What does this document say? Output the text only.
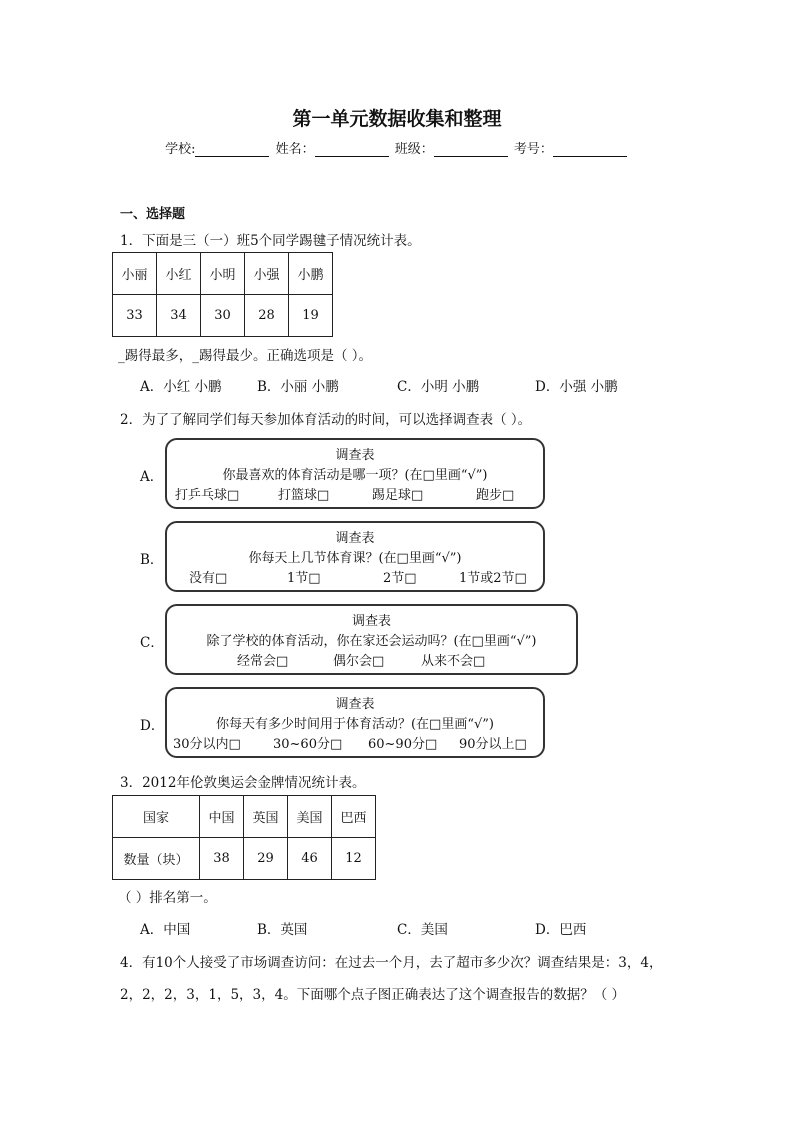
第一单元数据收集和整理
学校:	姓名：	班级：	考号：
一、选择题
1．下面是三（一）班5个同学踢毽子情况统计表。
小丽	小红	小明	小强	小鹏
33	34	30	28	19
_踢得最多，_踢得最少。正确选项是（ ）。
A．小红 小鹏	B．小丽 小鹏	C．小明 小鹏	D．小强 小鹏
2．为了了解同学们每天参加体育活动的时间，可以选择调查表（ ）。
A．
调查表
你最喜欢的体育活动是哪一项？(在□里画“√”)
打乒乓球□	打篮球□	踢足球□	跑步□
B．
调查表
你每天上几节体育课？(在□里画“√”)
没有□	1节□	2节□	1节或2节□
C．
调查表
除了学校的体育活动，你在家还会运动吗？(在□里画“√”)
经常会□	偶尔会□	从来不会□
D．
调查表
你每天有多少时间用于体育活动？(在□里画“√”)
30分以内□ 30~60分□ 60~90分□ 90分以上□
3．2012年伦敦奥运会金牌情况统计表。
国家	中国	英国	美国	巴西
数量（块）	38	29	46	12
（ ）排名第一。
A．中国	B．英国	C．美国	D．巴西
4．有10个人接受了市场调查访问：在过去一个月，去了超市多少次？调查结果是：3，4，
2，2，2，3，1，5，3，4。下面哪个点子图正确表达了这个调查报告的数据？（ ）
